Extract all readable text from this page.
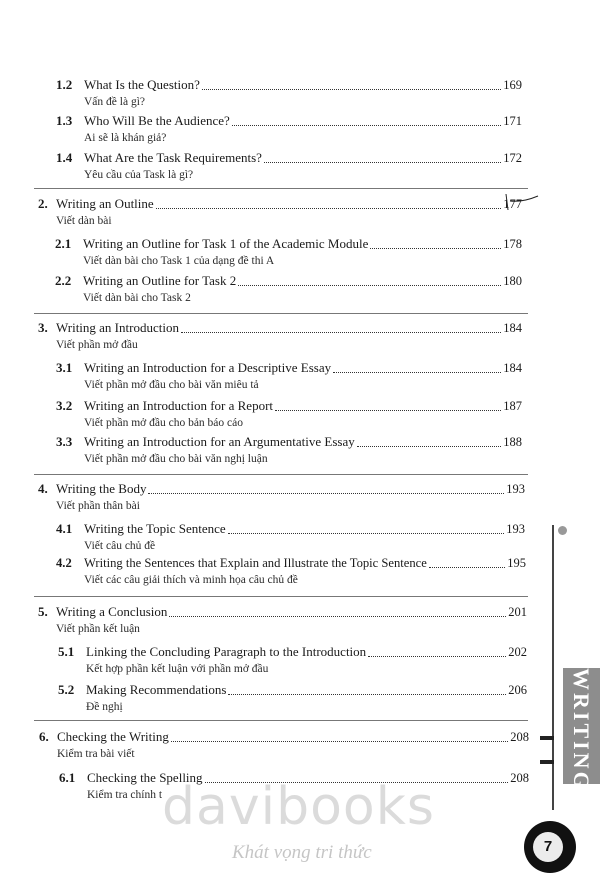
1.2 What Is the Question?	169
Vấn đề là gì?
1.3 Who Will Be the Audience?	171
Ai sẽ là khán giả?
1.4 What Are the Task Requirements?	172
Yêu cầu của Task là gì?
2. Writing an Outline	177
Viết dàn bài
2.1 Writing an Outline for Task 1 of the Academic Module	178
Viết dàn bài cho Task 1 của dạng đề thi A
2.2 Writing an Outline for Task 2	180
Viết dàn bài cho Task 2
3. Writing an Introduction	184
Viết phần mở đầu
3.1 Writing an Introduction for a Descriptive Essay	184
Viết phần mở đầu cho bài văn miêu tả
3.2 Writing an Introduction for a Report	187
Viết phần mở đầu cho bản báo cáo
3.3 Writing an Introduction for an Argumentative Essay	188
Viết phần mở đầu cho bài văn nghị luận
4. Writing the Body	193
Viết phần thân bài
4.1 Writing the Topic Sentence	193
Viết câu chủ đề
4.2 Writing the Sentences that Explain and Illustrate the Topic Sentence	195
Viết các câu giải thích và minh họa câu chủ đề
5. Writing a Conclusion	201
Viết phần kết luận
5.1 Linking the Concluding Paragraph to the Introduction	202
Kết hợp phần kết luận với phần mở đầu
5.2 Making Recommendations	206
Đề nghị
6. Checking the Writing	208
Kiểm tra bài viết
6.1 Checking the Spelling	208
Kiểm tra chính t
WRITING
7
davibooks
Khát vọng tri thức
